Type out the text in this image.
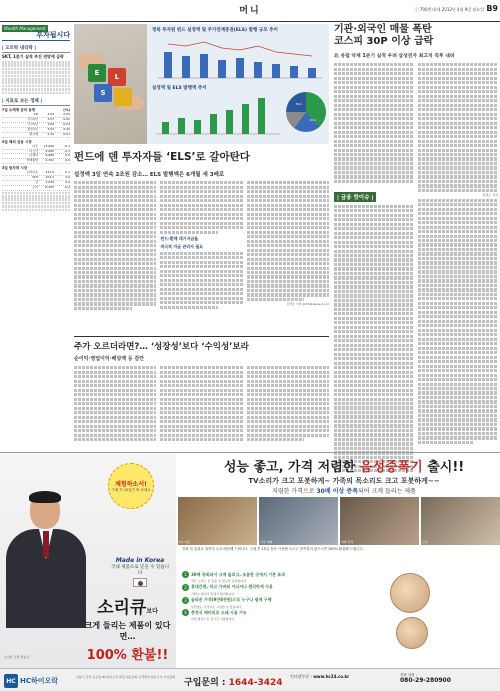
머니	ⓒ 790번지/데 2012년 4월 9일 월요일 B9
Wealth Management
부자됩시다
| 오르락 내리락 |
SKT, 1분기 실적 부진 전망에 급락
| 지표로 보는 경제 |
7일 소재재 금리 동향	(%)
CD	3.54	0.00
국고3년	3.57	-0.02
국고5년	3.69	-0.03
통안1년	3.53	0.00
회사채	4.30	-0.01
5일 해외 금융 시장
다우	13,060	-0.1
나스닥	3,080	-0.1
니케이	9,688	0.0
상해종합	2,302	0.6
5일 원자재 시장
두바이유	121.9	0.1
WTI	103.3	0.0
금	1,630	0.0
구리	8,300	-0.2
E	L
S
정복 투자된 펀드 설정액 및 주가연계증권(ELS) 발행 규모 추이
설정액 및 ELS 발행액 추이
ELS
DLS
펀드에 덴 투자자들 ‘ELS’로 갈아탄다
설정액 3일 연속 2조원 감소… ELS 발행액은 6개월 새 3배로
펀드-환매 대기자금들
적극적 자금 관리자 필요
김경호 기자 kkhh@asiae.co.kr
주가 오르더라면?… ‘성장성’보다 ‘수익성’보라
순이익·영업이익·배당액 등 감안
기관·외국인 매물 폭탄
코스피 30P 이상 급락
北 유럽 악재 1분기 실적 우려 삼성전자 최고치 직후 내려
| 금융 핫이슈 |
정경도 기자
체험하소서!
구매 후 15일간 써 보세요
Made in Korea
국내 제품으로 믿을 수 있습니다

소리큐보다
크게 들리는 제품이 있다면…
100% 환불!!
소리큐 모델 정승균
성능 좋고, 가격 저렴한 음성증폭기 출시!!
TV소리가 크고 포봇하게~ 가족의 목소리도 크고 포봇하게~~
저렴한 가격으로 30배 이상 증폭되어 크게 들리는 제품
TV 시청	가족 대화	영화 감상	모임
전화 한 통화로 집까지 무료 배송해 드립니다. 구매 후 15일 동안 사용해 보시고 만족하지 않으시면 100% 환불해 드립니다.
1	30배 증폭되어 크게 들리고, 조용한 곳에서 기본 효과
작은 소리도 잘 들을 수 있도록 증폭합니다
2	휴대간편, 작고 가벼워 어디서나 편리하게 사용
가볍고 작아서 휴대가 편리합니다
3	놀라운 가격(9만8천원)으로 누구나 쉽게 구매
부담없는 가격으로 구입할 수 있습니다
4	충전식 배터리로 오래 사용 가능
한번 충전으로 장시간 사용합니다
HC HC하이오락	서울시 강서 등촌동 HC하이오락 빌딩 대표전화 고객센터 의료기기 수입판매
구입문의 : 1644-3424
인터넷주문 : www.hc24.co.kr	전화 상담 :
080-29-280900
